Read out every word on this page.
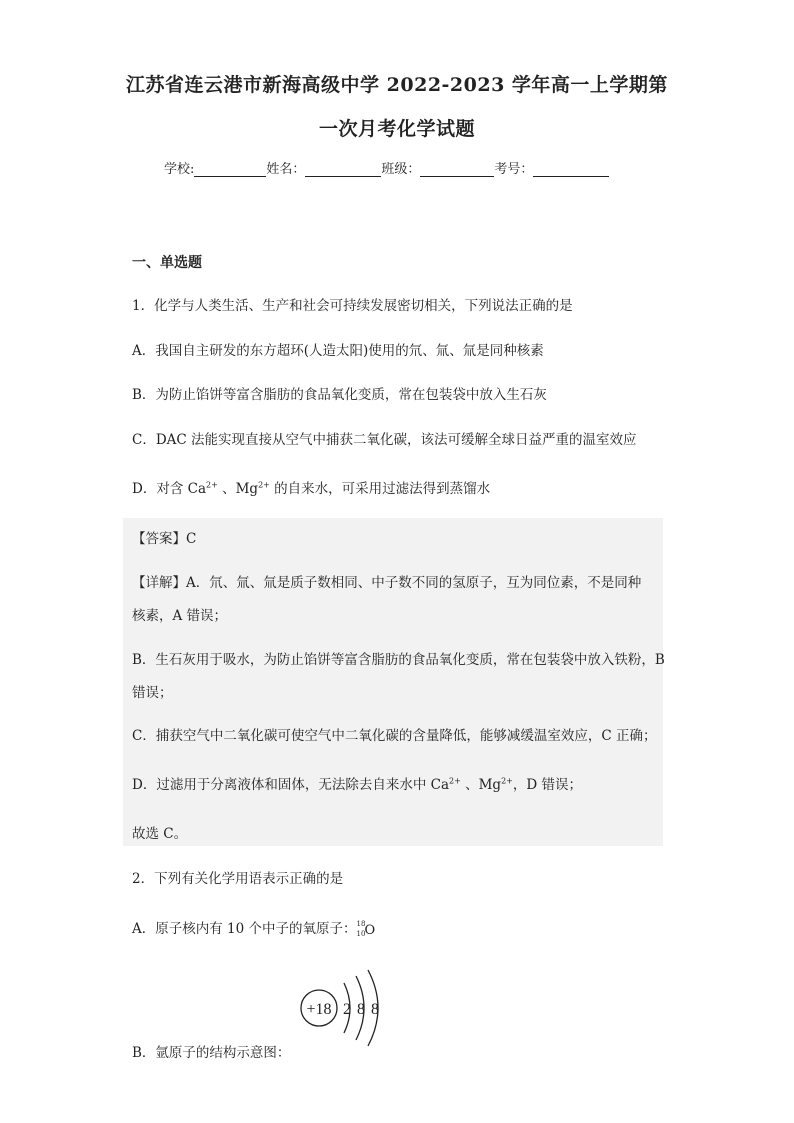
江苏省连云港市新海高级中学 2022-2023 学年高一上学期第
一次月考化学试题
学校:	姓名：	班级：	考号：
一、单选题
1．化学与人类生活、生产和社会可持续发展密切相关，下列说法正确的是
A．我国自主研发的东方超环(人造太阳)使用的氘、氚、氚是同种核素
B．为防止馅饼等富含脂肪的食品氧化变质，常在包装袋中放入生石灰
C．DAC 法能实现直接从空气中捕获二氧化碳，该法可缓解全球日益严重的温室效应
D．对含 $Ca^{2+}$ 、$Mg^{2+}$ 的自来水，可采用过滤法得到蒸馏水
【答案】C
【详解】A．氘、氚、氚是质子数相同、中子数不同的氢原子，互为同位素，不是同种
核素，A 错误；
B．生石灰用于吸水，为防止馅饼等富含脂肪的食品氧化变质，常在包装袋中放入铁粉，B
错误；
C．捕获空气中二氧化碳可使空气中二氧化碳的含量降低，能够减缓温室效应，C 正确；
D．过滤用于分离液体和固体，无法除去自来水中 $Ca^{2+}$ 、$Mg^{2+}$，D 错误；
故选 C。
2．下列有关化学用语表示正确的是
A．原子核内有 10 个中子的氧原子： 18
10 O
+18 2 8 8
B．氩原子的结构示意图：
